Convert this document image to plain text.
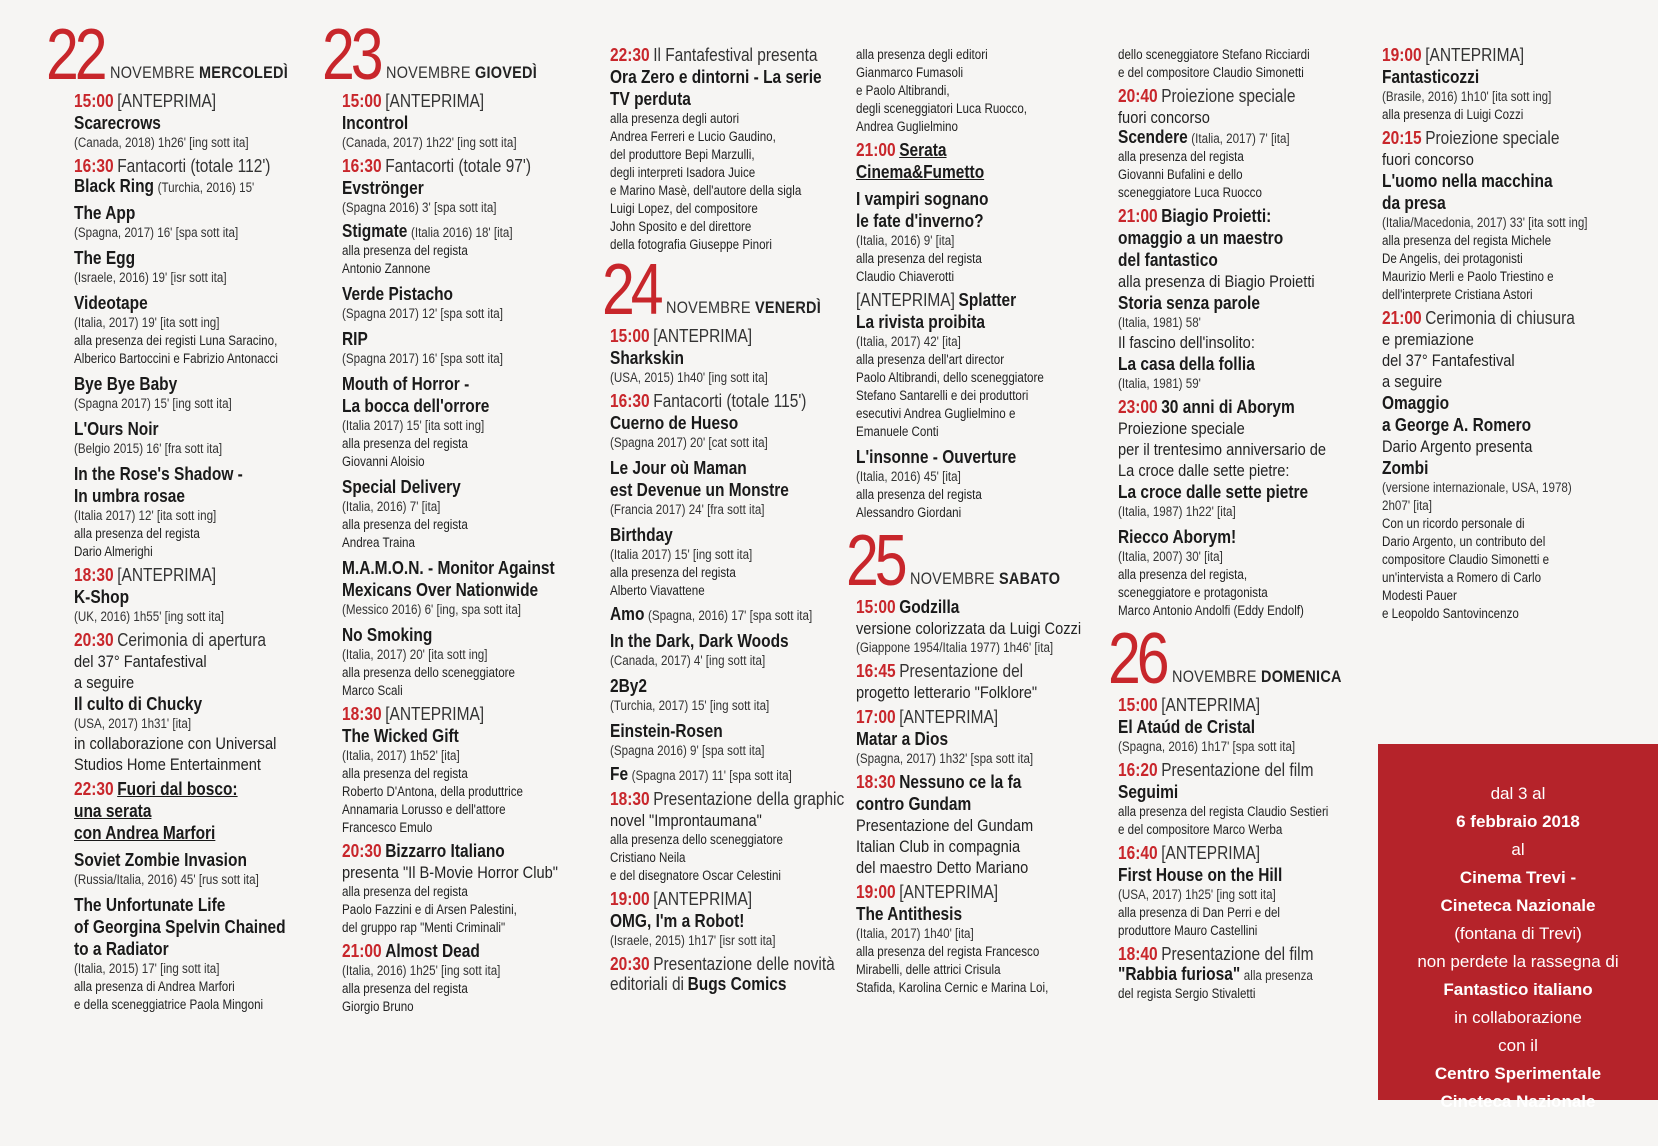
22 NOVEMBRE MERCOLEDÌ
15:00 [ANTEPRIMA]
Scarecrows
(Canada, 2018) 1h26' [ing sott ita]
16:30 Fantacorti (totale 112')
Black Ring (Turchia, 2016) 15'
The App
(Spagna, 2017) 16' [spa sott ita]
The Egg
(Israele, 2016) 19' [isr sott ita]
Videotape
(Italia, 2017) 19' [ita sott ing]
alla presenza dei registi Luna Saracino,
Alberico Bartoccini e Fabrizio Antonacci
Bye Bye Baby
(Spagna 2017) 15' [ing sott ita]
L'Ours Noir
(Belgio 2015) 16' [fra sott ita]
In the Rose's Shadow -
In umbra rosae
(Italia 2017) 12' [ita sott ing]
alla presenza del regista
Dario Almerighi
18:30 [ANTEPRIMA]
K-Shop
(UK, 2016) 1h55' [ing sott ita]
20:30 Cerimonia di apertura
del 37° Fantafestival
a seguire
Il culto di Chucky
(USA, 2017) 1h31' [ita]
in collaborazione con Universal
Studios Home Entertainment
22:30 Fuori dal bosco:
una serata
con Andrea Marfori
Soviet Zombie Invasion
(Russia/Italia, 2016) 45' [rus sott ita]
The Unfortunate Life
of Georgina Spelvin Chained
to a Radiator
(Italia, 2015) 17' [ing sott ita]
alla presenza di Andrea Marfori
e della sceneggiatrice Paola Mingoni
23 NOVEMBRE GIOVEDÌ
15:00 [ANTEPRIMA]
Incontrol
(Canada, 2017) 1h22' [ing sott ita]
16:30 Fantacorti (totale 97')
Evströnger
(Spagna 2016) 3' [spa sott ita]
Stigmate (Italia 2016) 18' [ita]
alla presenza del regista
Antonio Zannone
Verde Pistacho
(Spagna 2017) 12' [spa sott ita]
RIP
(Spagna 2017) 16' [spa sott ita]
Mouth of Horror -
La bocca dell'orrore
(Italia 2017) 15' [ita sott ing]
alla presenza del regista
Giovanni Aloisio
Special Delivery
(Italia, 2016) 7' [ita]
alla presenza del regista
Andrea Traina
M.A.M.O.N. - Monitor Against
Mexicans Over Nationwide
(Messico 2016) 6' [ing, spa sott ita]
No Smoking
(Italia, 2017) 20' [ita sott ing]
alla presenza dello sceneggiatore
Marco Scali
18:30 [ANTEPRIMA]
The Wicked Gift
(Italia, 2017) 1h52' [ita]
alla presenza del regista
Roberto D'Antona, della produttrice
Annamaria Lorusso e dell'attore
Francesco Emulo
20:30 Bizzarro Italiano
presenta "Il B-Movie Horror Club"
alla presenza del regista
Paolo Fazzini e di Arsen Palestini,
del gruppo rap "Menti Criminali"
21:00 Almost Dead
(Italia, 2016) 1h25' [ing sott ita]
alla presenza del regista
Giorgio Bruno
22:30 Il Fantafestival presenta
Ora Zero e dintorni - La serie
TV perduta
alla presenza degli autori
Andrea Ferreri e Lucio Gaudino,
del produttore Bepi Marzulli,
degli interpreti Isadora Juice
e Marino Masè, dell'autore della sigla
Luigi Lopez, del compositore
John Sposito e del direttore
della fotografia Giuseppe Pinori
24 NOVEMBRE VENERDÌ
15:00 [ANTEPRIMA]
Sharkskin
(USA, 2015) 1h40' [ing sott ita]
16:30 Fantacorti (totale 115')
Cuerno de Hueso
(Spagna 2017) 20' [cat sott ita]
Le Jour où Maman
est Devenue un Monstre
(Francia 2017) 24' [fra sott ita]
Birthday
(Italia 2017) 15' [ing sott ita]
alla presenza del regista
Alberto Viavattene
Amo (Spagna, 2016) 17' [spa sott ita]
In the Dark, Dark Woods
(Canada, 2017) 4' [ing sott ita]
2By2
(Turchia, 2017) 15' [ing sott ita]
Einstein-Rosen
(Spagna 2016) 9' [spa sott ita]
Fe (Spagna 2017) 11' [spa sott ita]
18:30 Presentazione della graphic
novel "Improntaumana"
alla presenza dello sceneggiatore
Cristiano Neila
e del disegnatore Oscar Celestini
19:00 [ANTEPRIMA]
OMG, I'm a Robot!
(Israele, 2015) 1h17' [isr sott ita]
20:30 Presentazione delle novità
editoriali di Bugs Comics
alla presenza degli editori
Gianmarco Fumasoli
e Paolo Altibrandi,
degli sceneggiatori Luca Ruocco,
Andrea Guglielmino
21:00 Serata
Cinema&Fumetto
I vampiri sognano
le fate d'inverno?
(Italia, 2016) 9' [ita]
alla presenza del regista
Claudio Chiaverotti
[ANTEPRIMA] Splatter
La rivista proibita
(Italia, 2017) 42' [ita]
alla presenza dell'art director
Paolo Altibrandi, dello sceneggiatore
Stefano Santarelli e dei produttori
esecutivi Andrea Guglielmino e
Emanuele Conti
L'insonne - Ouverture
(Italia, 2016) 45' [ita]
alla presenza del regista
Alessandro Giordani
25 NOVEMBRE SABATO
15:00 Godzilla
versione colorizzata da Luigi Cozzi
(Giappone 1954/Italia 1977) 1h46' [ita]
16:45 Presentazione del
progetto letterario "Folklore"
17:00 [ANTEPRIMA]
Matar a Dios
(Spagna, 2017) 1h32' [spa sott ita]
18:30 Nessuno ce la fa
contro Gundam
Presentazione del Gundam
Italian Club in compagnia
del maestro Detto Mariano
19:00 [ANTEPRIMA]
The Antithesis
(Italia, 2017) 1h40' [ita]
alla presenza del regista Francesco
Mirabelli, delle attrici Crisula
Stafida, Karolina Cernic e Marina Loi,
dello sceneggiatore Stefano Ricciardi
e del compositore Claudio Simonetti
20:40 Proiezione speciale
fuori concorso
Scendere (Italia, 2017) 7' [ita]
alla presenza del regista
Giovanni Bufalini e dello
sceneggiatore Luca Ruocco
21:00 Biagio Proietti:
omaggio a un maestro
del fantastico
alla presenza di Biagio Proietti
Storia senza parole
(Italia, 1981) 58'
Il fascino dell'insolito:
La casa della follia
(Italia, 1981) 59'
23:00 30 anni di Aborym
Proiezione speciale
per il trentesimo anniversario de
La croce dalle sette pietre:
La croce dalle sette pietre
(Italia, 1987) 1h22' [ita]
Riecco Aborym!
(Italia, 2007) 30' [ita]
alla presenza del regista,
sceneggiatore e protagonista
Marco Antonio Andolfi (Eddy Endolf)
26 NOVEMBRE DOMENICA
15:00 [ANTEPRIMA]
El Ataúd de Cristal
(Spagna, 2016) 1h17' [spa sott ita]
16:20 Presentazione del film
Seguimi
alla presenza del regista Claudio Sestieri
e del compositore Marco Werba
16:40 [ANTEPRIMA]
First House on the Hill
(USA, 2017) 1h25' [ing sott ita]
alla presenza di Dan Perri e del
produttore Mauro Castellini
18:40 Presentazione del film
"Rabbia furiosa" alla presenza
del regista Sergio Stivaletti
19:00 [ANTEPRIMA]
Fantasticozzi
(Brasile, 2016) 1h10' [ita sott ing]
alla presenza di Luigi Cozzi
20:15 Proiezione speciale
fuori concorso
L'uomo nella macchina
da presa
(Italia/Macedonia, 2017) 33' [ita sott ing]
alla presenza del regista Michele
De Angelis, dei protagonisti
Maurizio Merli e Paolo Triestino e
dell'interprete Cristiana Astori
21:00 Cerimonia di chiusura
e premiazione
del 37° Fantafestival
a seguire
Omaggio
a George A. Romero
Dario Argento presenta
Zombi
(versione internazionale, USA, 1978)
2h07' [ita]
Con un ricordo personale di
Dario Argento, un contributo del
compositore Claudio Simonetti e
un'intervista a Romero di Carlo
Modesti Pauer
e Leopoldo Santovincenzo
dal 3 al
6 febbraio 2018
al
Cinema Trevi -
Cineteca Nazionale
(fontana di Trevi)
non perdete la rassegna di
Fantastico italiano
in collaborazione
con il
Centro Sperimentale
Cineteca Nazionale
